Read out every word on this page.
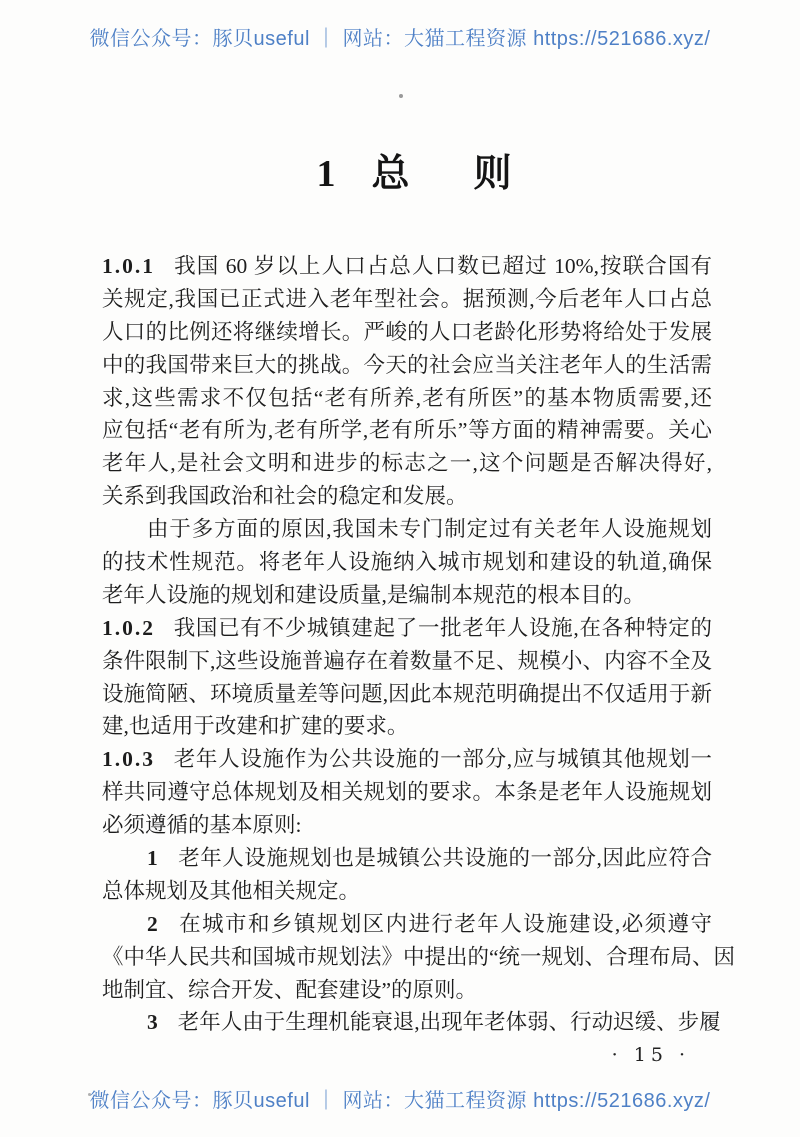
微信公众号：豚贝useful ｜ 网站：大猫工程资源 https://521686.xyz/
1 总 则
1.0.1 我国 60 岁以上人口占总人口数已超过 10%,按联合国有
关规定,我国已正式进入老年型社会。据预测,今后老年人口占总
人口的比例还将继续增长。严峻的人口老龄化形势将给处于发展
中的我国带来巨大的挑战。今天的社会应当关注老年人的生活需
求,这些需求不仅包括“老有所养,老有所医”的基本物质需要,还
应包括“老有所为,老有所学,老有所乐”等方面的精神需要。关心
老年人,是社会文明和进步的标志之一,这个问题是否解决得好,
关系到我国政治和社会的稳定和发展。
由于多方面的原因,我国未专门制定过有关老年人设施规划
的技术性规范。将老年人设施纳入城市规划和建设的轨道,确保
老年人设施的规划和建设质量,是编制本规范的根本目的。
1.0.2 我国已有不少城镇建起了一批老年人设施,在各种特定的
条件限制下,这些设施普遍存在着数量不足、规模小、内容不全及
设施简陋、环境质量差等问题,因此本规范明确提出不仅适用于新
建,也适用于改建和扩建的要求。
1.0.3 老年人设施作为公共设施的一部分,应与城镇其他规划一
样共同遵守总体规划及相关规划的要求。本条是老年人设施规划
必须遵循的基本原则:
1 老年人设施规划也是城镇公共设施的一部分,因此应符合
总体规划及其他相关规定。
2 在城市和乡镇规划区内进行老年人设施建设,必须遵守
《中华人民共和国城市规划法》中提出的“统一规划、合理布局、因
地制宜、综合开发、配套建设”的原则。
3 老年人由于生理机能衰退,出现年老体弱、行动迟缓、步履
· 15 ·
微信公众号：豚贝useful ｜ 网站：大猫工程资源 https://521686.xyz/
